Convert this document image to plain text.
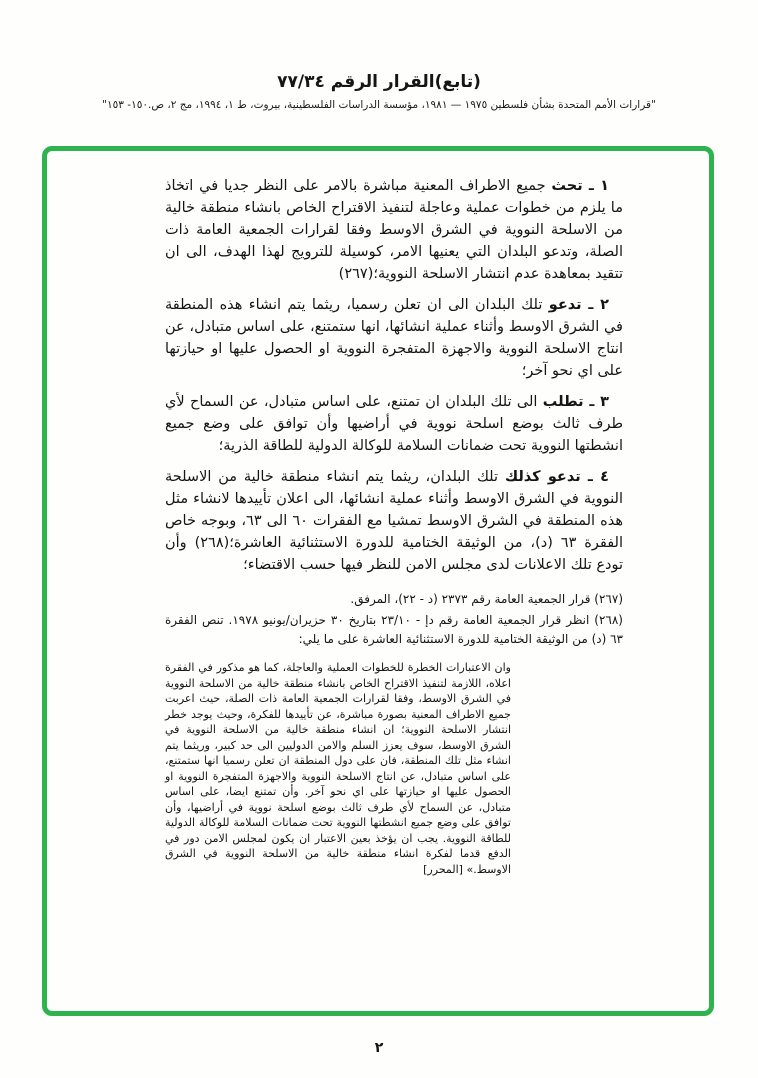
(تابع)القرار الرقم ٧٧/٣٤
"قرارات الأمم المتحدة بشأن فلسطين ١٩٧٥ — ١٩٨١، مؤسسة الدراسات الفلسطينية، بيروت، ط ١، ١٩٩٤، مج ٢، ص.١٥٠- ١٥٣"

١ ـ تحث جميع الاطراف المعنية مباشرة بالامر على النظر جديا في اتخاذ ما يلزم من خطوات عملية وعاجلة لتنفيذ الاقتراح الخاص بانشاء منطقة خالية من الاسلحة النووية في الشرق الاوسط وفقا لقرارات الجمعية العامة ذات الصلة، وتدعو البلدان التي يعنيها الامر، كوسيلة للترويج لهذا الهدف، الى ان تتقيد بمعاهدة عدم انتشار الاسلحة النووية؛(٢٦٧)

٢ ـ تدعو تلك البلدان الى ان تعلن رسميا، ريثما يتم انشاء هذه المنطقة في الشرق الاوسط وأثناء عملية انشائها، انها ستمتنع، على اساس متبادل، عن انتاج الاسلحة النووية والاجهزة المتفجرة النووية او الحصول عليها او حيازتها على اي نحو آخر؛

٣ ـ تطلب الى تلك البلدان ان تمتنع، على اساس متبادل، عن السماح لأي طرف ثالث بوضع اسلحة نووية في أراضيها وأن توافق على وضع جميع انشطتها النووية تحت ضمانات السلامة للوكالة الدولية للطاقة الذرية؛

٤ ـ تدعو كذلك تلك البلدان، ريثما يتم انشاء منطقة خالية من الاسلحة النووية في الشرق الاوسط وأثناء عملية انشائها، الى اعلان تأييدها لانشاء مثل هذه المنطقة في الشرق الاوسط تمشيا مع الفقرات ٦٠ الى ٦٣، وبوجه خاص الفقرة ٦٣ (د)، من الوثيقة الختامية للدورة الاستثنائية العاشرة؛(٢٦٨) وأن تودع تلك الاعلانات لدى مجلس الامن للنظر فيها حسب الاقتضاء؛

(٢٦٧) قرار الجمعية العامة رقم ٢٣٧٣ (د - ٢٢)، المرفق.

(٢٦٨) انظر قرار الجمعية العامة رقم دإ - ٢٣/١٠ بتاريخ ٣٠ حزيران/يونيو ١٩٧٨. تنص الفقرة ٦٣ (د) من الوثيقة الختامية للدورة الاستثنائية العاشرة على ما يلي:

وان الاعتبارات الخطرة للخطوات العملية والعاجلة، كما هو مذكور في الفقرة اعلاه، اللازمة لتنفيذ الاقتراح الخاص بانشاء منطقة خالية من الاسلحة النووية في الشرق الاوسط، وفقا لقرارات الجمعية العامة ذات الصلة، حيث اعربت جميع الاطراف المعنية بصورة مباشرة، عن تأييدها للفكرة، وحيث يوجد خطر انتشار الاسلحة النووية؛ ان انشاء منطقة خالية من الاسلحة النووية في الشرق الاوسط، سوف يعزز السلم والامن الدوليين الى حد كبير، وريثما يتم انشاء مثل تلك المنطقة، فان على دول المنطقة ان تعلن رسميا انها ستمتنع، على اساس متبادل، عن انتاج الاسلحة النووية والاجهزة المتفجرة النووية او الحصول عليها او حيازتها على اي نحو آخر. وأن تمتنع ايضا، على اساس متبادل، عن السماح لأي طرف ثالث بوضع اسلحة نووية في أراضيها، وأن توافق على وضع جميع انشطتها النووية تحت ضمانات السلامة للوكالة الدولية للطاقة النووية. يجب ان يؤخذ بعين الاعتبار ان يكون لمجلس الامن دور في الدفع قدما لفكرة انشاء منطقة خالية من الاسلحة النووية في الشرق الاوسط.» [المحرر]
٢
